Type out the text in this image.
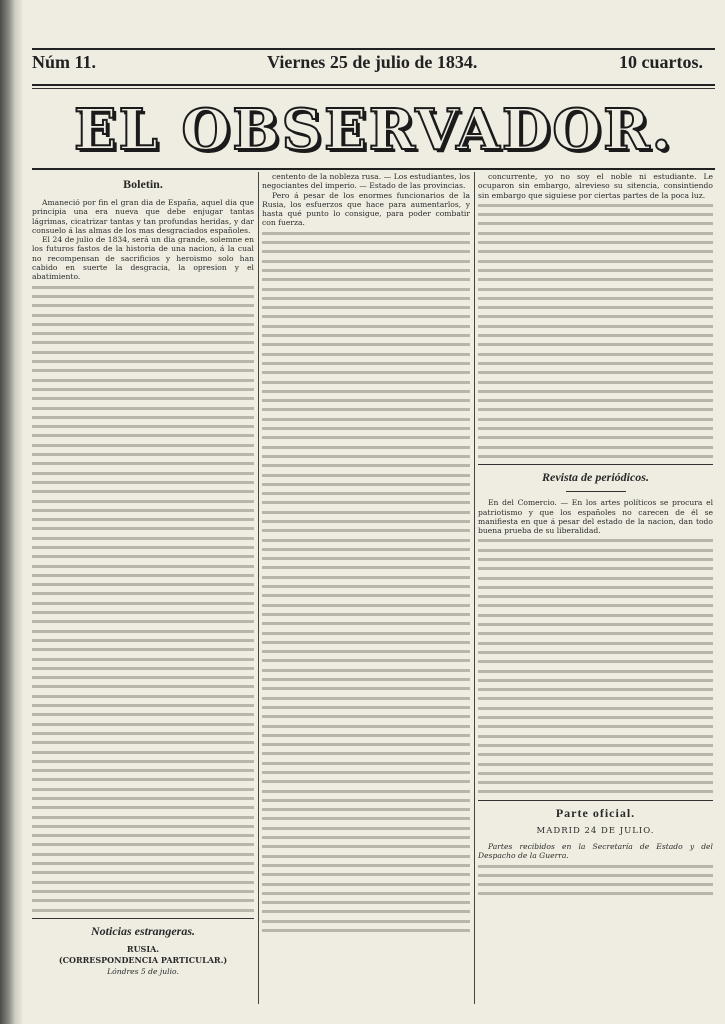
Núm 11.	Viernes 25 de julio de 1834.	10 cuartos.
EL OBSERVADOR.
Boletin.

Amaneció por fin el gran dia de España, aquel dia que principia una era nueva que debe enjugar tantas lágrimas, cicatrizar tantas y tan profundas heridas, y dar consuelo á las almas de los mas desgraciados españoles.

El 24 de julio de 1834, será un dia grande, solemne en los futuros fastos de la historia de una nacion, á la cual no recompensan de sacrificios y heroismo solo han cabido en suerte la desgracia, la opresion y el abatimiento.

Noticias estrangeras.
RUSIA.
(CORRESPONDENCIA PARTICULAR.)
Lóndres 5 de julio.

centento de la nobleza rusa. — Los estudiantes, los negociantes del imperio. — Estado de las provincias.

Pero á pesar de los enormes funcionarios de la Rusia, los esfuerzos que hace para aumentarlos, y hasta qué punto lo consigue, para poder combatir con fuerza.

concurrente, yo no soy el noble ni estudiante. Le ocuparon sin embargo, alrevieso su sitencia, consintiendo sin embargo que siguiese por ciertas partes de la poca luz.

Revista de periódicos.

En del Comercio. — En los artes políticos se procura el patriotismo y que los españoles no carecen de él se manifiesta en que á pesar del estado de la nacion, dan todo buena prueba de su liberalidad.

Parte oficial.
MADRID 24 DE JULIO.

Partes recibidos en la Secretaría de Estado y del Despacho de la Guerra.
